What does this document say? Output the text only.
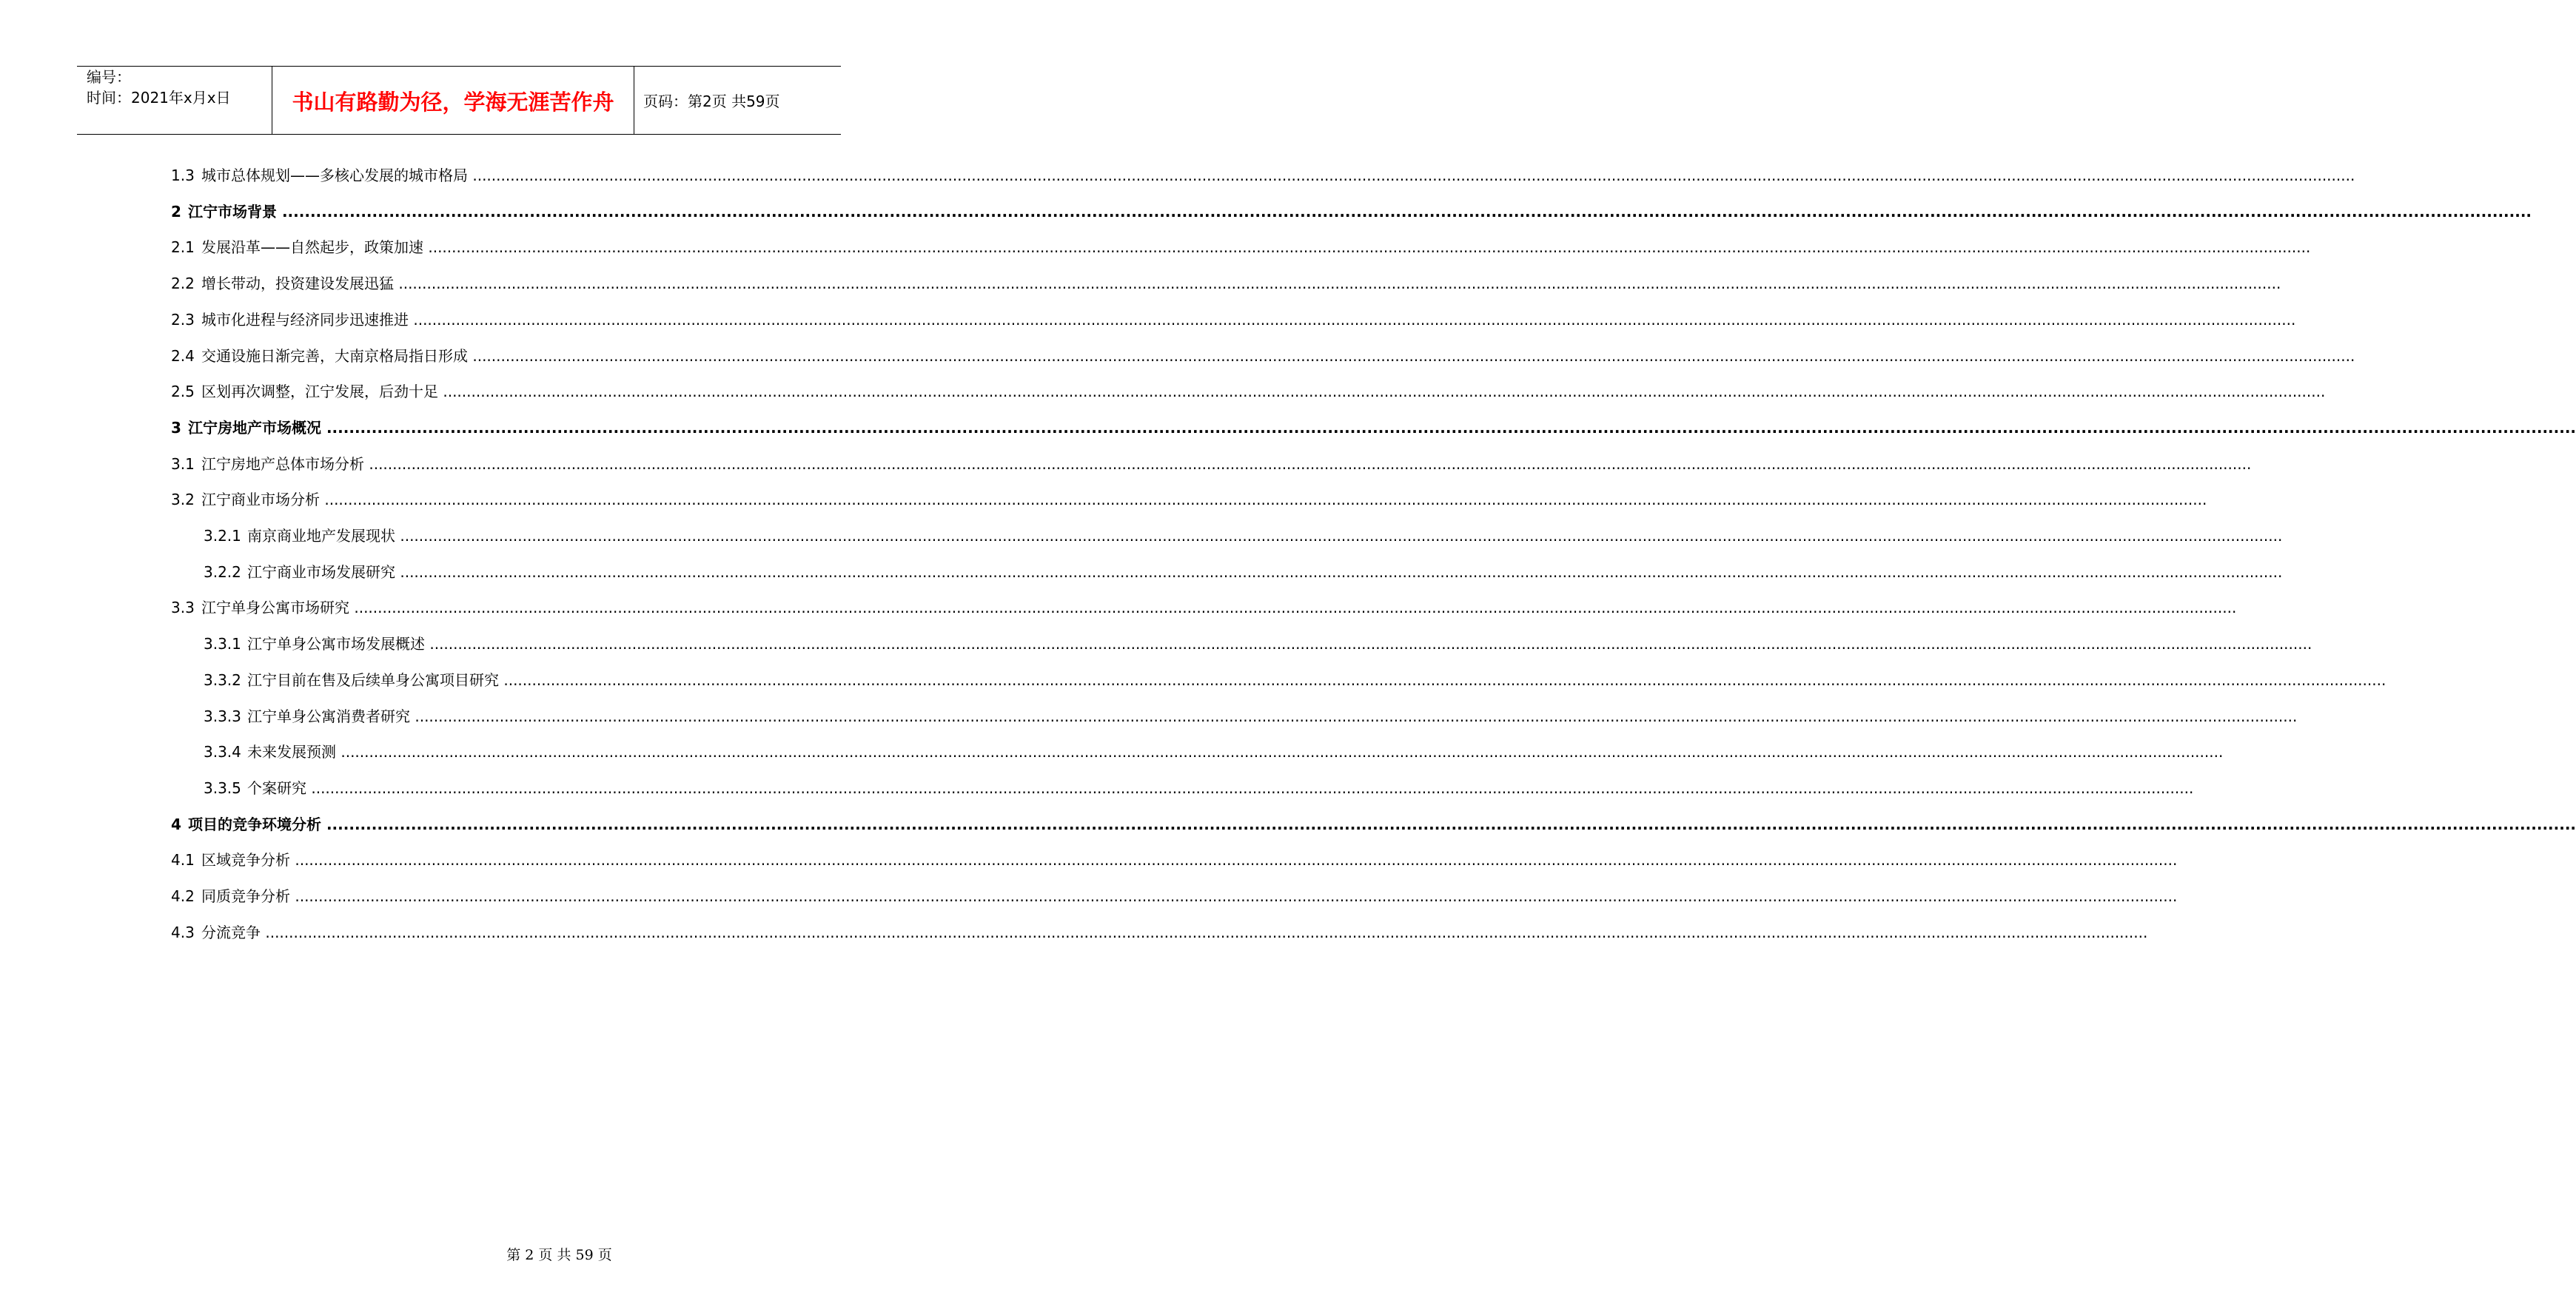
编号：
时间：2021年x月x日	书山有路勤为径，学海无涯苦作舟	页码：第2页 共59页
1.3 城市总体规划——多核心发展的城市格局 ................................................................................................................................................................................................................................................................................................................................................................................................................
2 江宁市场背景 ................................................................................................................................................................................................................................................................................................................................................................................................................
2.1 发展沿革——自然起步，政策加速 ................................................................................................................................................................................................................................................................................................................................................................................................................
2.2 增长带动，投资建设发展迅猛 ................................................................................................................................................................................................................................................................................................................................................................................................................
2.3 城市化进程与经济同步迅速推进 ................................................................................................................................................................................................................................................................................................................................................................................................................
2.4 交通设施日渐完善，大南京格局指日形成 ................................................................................................................................................................................................................................................................................................................................................................................................................
2.5 区划再次调整，江宁发展，后劲十足 ................................................................................................................................................................................................................................................................................................................................................................................................................
3 江宁房地产市场概况 ................................................................................................................................................................................................................................................................................................................................................................................................................
3.1 江宁房地产总体市场分析 ................................................................................................................................................................................................................................................................................................................................................................................................................
3.2 江宁商业市场分析 ................................................................................................................................................................................................................................................................................................................................................................................................................
3.2.1 南京商业地产发展现状 ................................................................................................................................................................................................................................................................................................................................................................................................................
3.2.2 江宁商业市场发展研究 ................................................................................................................................................................................................................................................................................................................................................................................................................
3.3 江宁单身公寓市场研究 ................................................................................................................................................................................................................................................................................................................................................................................................................
3.3.1 江宁单身公寓市场发展概述 ................................................................................................................................................................................................................................................................................................................................................................................................................
3.3.2 江宁目前在售及后续单身公寓项目研究 ................................................................................................................................................................................................................................................................................................................................................................................................................
3.3.3 江宁单身公寓消费者研究 ................................................................................................................................................................................................................................................................................................................................................................................................................
3.3.4 未来发展预测 ................................................................................................................................................................................................................................................................................................................................................................................................................
3.3.5 个案研究 ................................................................................................................................................................................................................................................................................................................................................................................................................
4 项目的竞争环境分析 ................................................................................................................................................................................................................................................................................................................................................................................................................
4.1 区域竞争分析 ................................................................................................................................................................................................................................................................................................................................................................................................................
4.2 同质竞争分析 ................................................................................................................................................................................................................................................................................................................................................................................................................
4.3 分流竞争 ................................................................................................................................................................................................................................................................................................................................................................................................................
第 2 页 共 59 页
